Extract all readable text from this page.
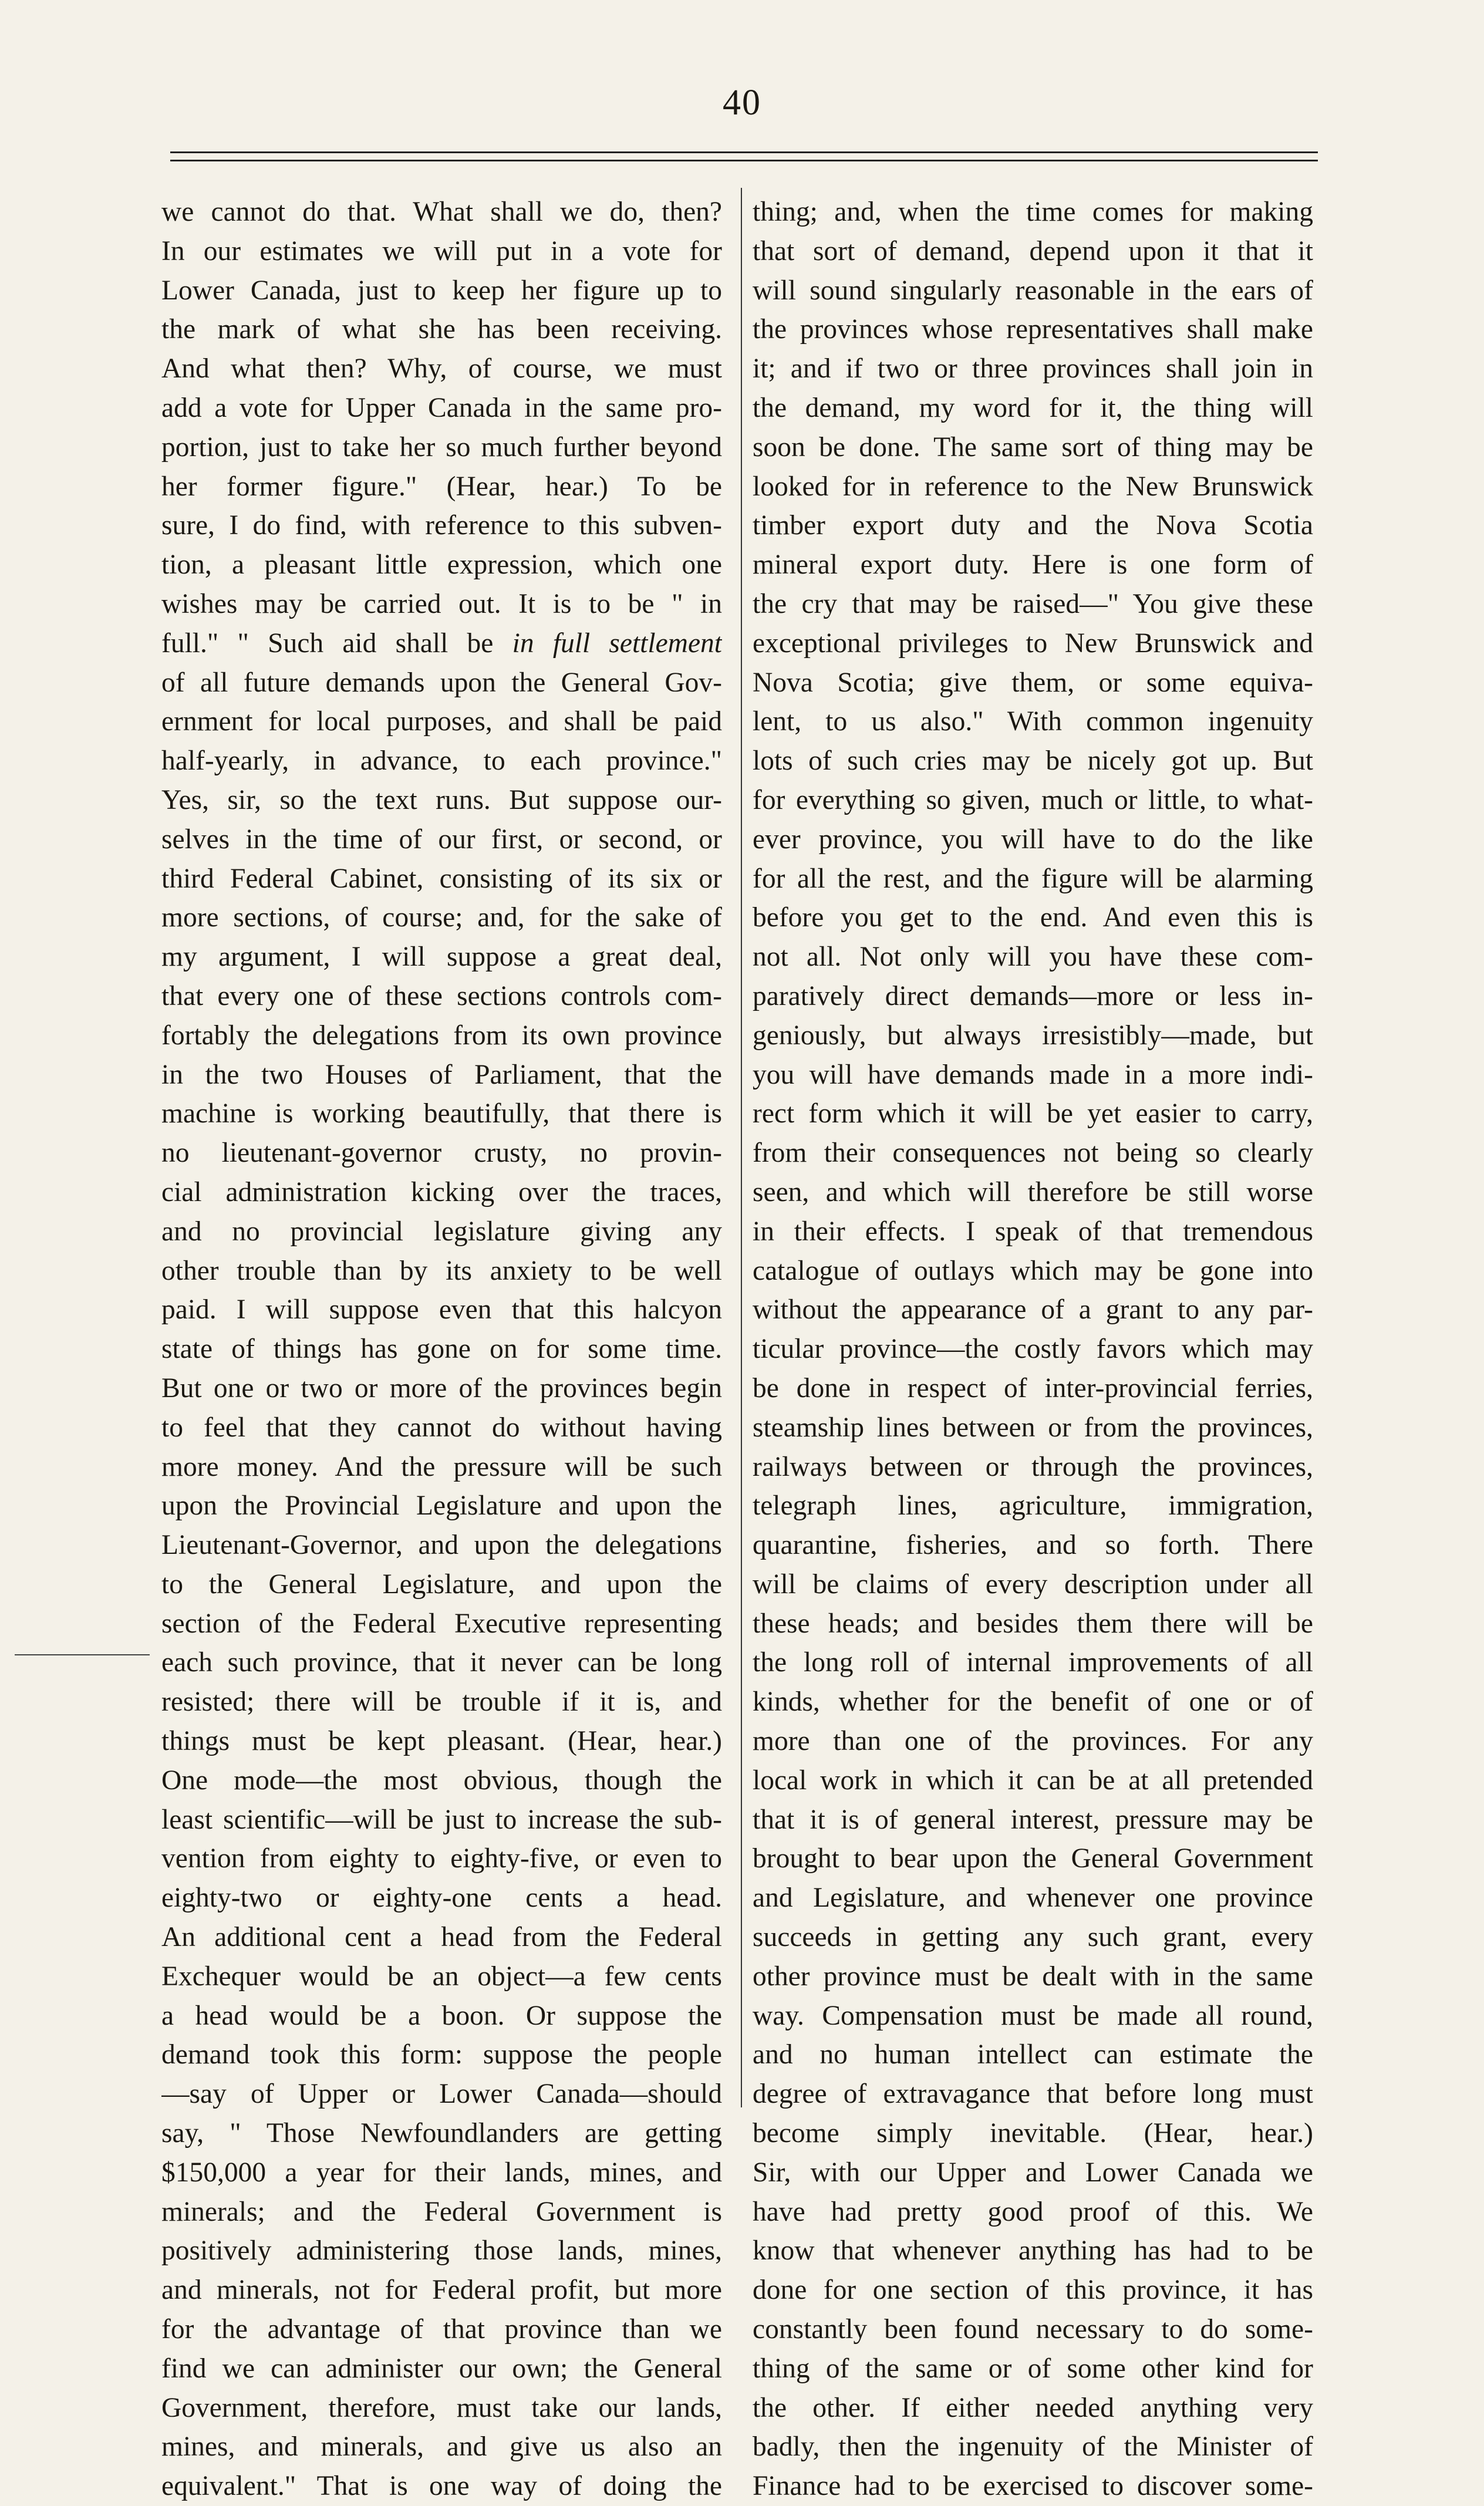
40
we cannot do that. What shall we do, then?
In our estimates we will put in a vote for
Lower Canada, just to keep her figure up to
the mark of what she has been receiving.
And what then? Why, of course, we must
add a vote for Upper Canada in the same pro-
portion, just to take her so much further beyond
her former figure." (Hear, hear.) To be
sure, I do find, with reference to this subven-
tion, a pleasant little expression, which one
wishes may be carried out. It is to be " in
full." " Such aid shall be in full settlement
of all future demands upon the General Gov-
ernment for local purposes, and shall be paid
half-yearly, in advance, to each province."
Yes, sir, so the text runs. But suppose our-
selves in the time of our first, or second, or
third Federal Cabinet, consisting of its six or
more sections, of course; and, for the sake of
my argument, I will suppose a great deal,
that every one of these sections controls com-
fortably the delegations from its own province
in the two Houses of Parliament, that the
machine is working beautifully, that there is
no lieutenant-governor crusty, no provin-
cial administration kicking over the traces,
and no provincial legislature giving any
other trouble than by its anxiety to be well
paid. I will suppose even that this halcyon
state of things has gone on for some time.
But one or two or more of the provinces begin
to feel that they cannot do without having
more money. And the pressure will be such
upon the Provincial Legislature and upon the
Lieutenant-Governor, and upon the delegations
to the General Legislature, and upon the
section of the Federal Executive representing
each such province, that it never can be long
resisted; there will be trouble if it is, and
things must be kept pleasant. (Hear, hear.)
One mode—the most obvious, though the
least scientific—will be just to increase the sub-
vention from eighty to eighty-five, or even to
eighty-two or eighty-one cents a head.
An additional cent a head from the Federal
Exchequer would be an object—a few cents
a head would be a boon. Or suppose the
demand took this form: suppose the people
—say of Upper or Lower Canada—should
say, " Those Newfoundlanders are getting
$150,000 a year for their lands, mines, and
minerals; and the Federal Government is
positively administering those lands, mines,
and minerals, not for Federal profit, but more
for the advantage of that province than we
find we can administer our own; the General
Government, therefore, must take our lands,
mines, and minerals, and give us also an
equivalent." That is one way of doing the
thing; and, when the time comes for making
that sort of demand, depend upon it that it
will sound singularly reasonable in the ears of
the provinces whose representatives shall make
it; and if two or three provinces shall join in
the demand, my word for it, the thing will
soon be done. The same sort of thing may be
looked for in reference to the New Brunswick
timber export duty and the Nova Scotia
mineral export duty. Here is one form of
the cry that may be raised—" You give these
exceptional privileges to New Brunswick and
Nova Scotia; give them, or some equiva-
lent, to us also." With common ingenuity
lots of such cries may be nicely got up. But
for everything so given, much or little, to what-
ever province, you will have to do the like
for all the rest, and the figure will be alarming
before you get to the end. And even this is
not all. Not only will you have these com-
paratively direct demands—more or less in-
geniously, but always irresistibly—made, but
you will have demands made in a more indi-
rect form which it will be yet easier to carry,
from their consequences not being so clearly
seen, and which will therefore be still worse
in their effects. I speak of that tremendous
catalogue of outlays which may be gone into
without the appearance of a grant to any par-
ticular province—the costly favors which may
be done in respect of inter-provincial ferries,
steamship lines between or from the provinces,
railways between or through the provinces,
telegraph lines, agriculture, immigration,
quarantine, fisheries, and so forth. There
will be claims of every description under all
these heads; and besides them there will be
the long roll of internal improvements of all
kinds, whether for the benefit of one or of
more than one of the provinces. For any
local work in which it can be at all pretended
that it is of general interest, pressure may be
brought to bear upon the General Government
and Legislature, and whenever one province
succeeds in getting any such grant, every
other province must be dealt with in the same
way. Compensation must be made all round,
and no human intellect can estimate the
degree of extravagance that before long must
become simply inevitable. (Hear, hear.)
Sir, with our Upper and Lower Canada we
have had pretty good proof of this. We
know that whenever anything has had to be
done for one section of this province, it has
constantly been found necessary to do some-
thing of the same or of some other kind for
the other. If either needed anything very
badly, then the ingenuity of the Minister of
Finance had to be exercised to discover some-
